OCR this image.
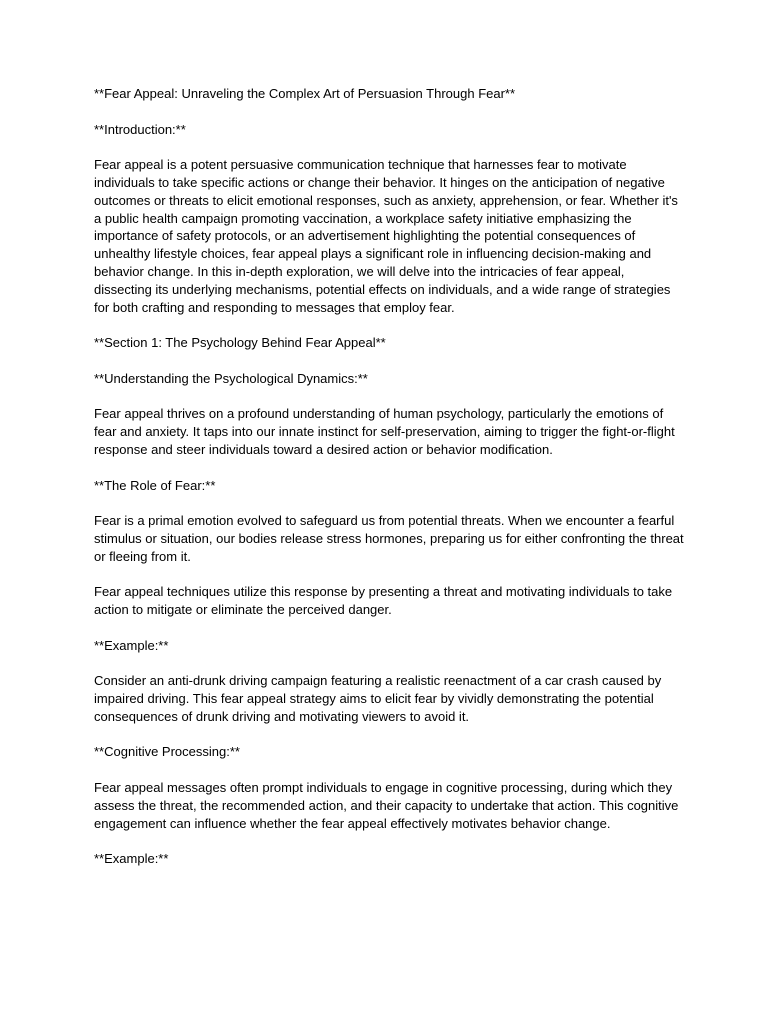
**Fear Appeal: Unraveling the Complex Art of Persuasion Through Fear**

**Introduction:**

Fear appeal is a potent persuasive communication technique that harnesses fear to motivate individuals to take specific actions or change their behavior. It hinges on the anticipation of negative outcomes or threats to elicit emotional responses, such as anxiety, apprehension, or fear. Whether it's a public health campaign promoting vaccination, a workplace safety initiative emphasizing the importance of safety protocols, or an advertisement highlighting the potential consequences of unhealthy lifestyle choices, fear appeal plays a significant role in influencing decision-making and behavior change. In this in-depth exploration, we will delve into the intricacies of fear appeal, dissecting its underlying mechanisms, potential effects on individuals, and a wide range of strategies for both crafting and responding to messages that employ fear.

**Section 1: The Psychology Behind Fear Appeal**

**Understanding the Psychological Dynamics:**

Fear appeal thrives on a profound understanding of human psychology, particularly the emotions of fear and anxiety. It taps into our innate instinct for self-preservation, aiming to trigger the fight-or-flight response and steer individuals toward a desired action or behavior modification.

**The Role of Fear:**

Fear is a primal emotion evolved to safeguard us from potential threats. When we encounter a fearful stimulus or situation, our bodies release stress hormones, preparing us for either confronting the threat or fleeing from it.

Fear appeal techniques utilize this response by presenting a threat and motivating individuals to take action to mitigate or eliminate the perceived danger.

**Example:**

Consider an anti-drunk driving campaign featuring a realistic reenactment of a car crash caused by impaired driving. This fear appeal strategy aims to elicit fear by vividly demonstrating the potential consequences of drunk driving and motivating viewers to avoid it.

**Cognitive Processing:**

Fear appeal messages often prompt individuals to engage in cognitive processing, during which they assess the threat, the recommended action, and their capacity to undertake that action. This cognitive engagement can influence whether the fear appeal effectively motivates behavior change.

**Example:**
